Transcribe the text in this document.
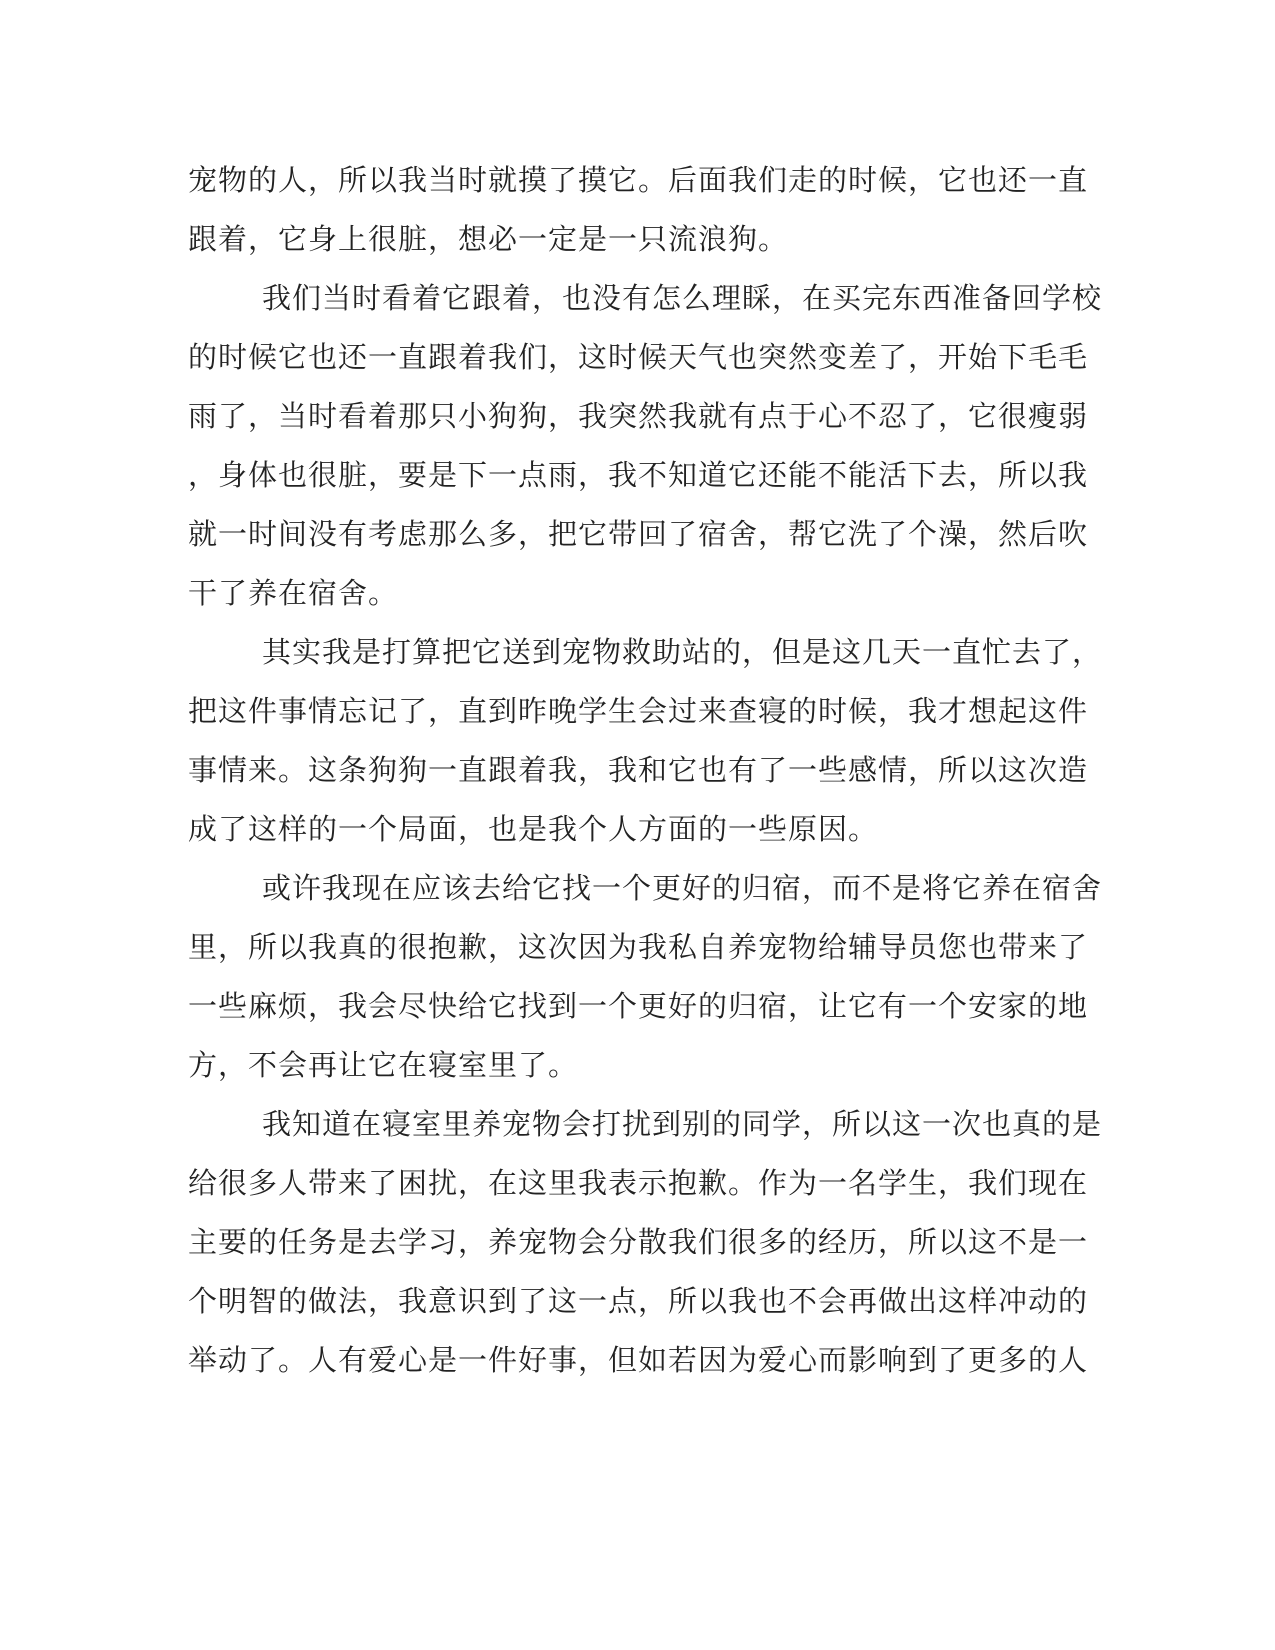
宠物的人，所以我当时就摸了摸它。后面我们走的时候，它也还一直
跟着，它身上很脏，想必一定是一只流浪狗。
我们当时看着它跟着，也没有怎么理睬，在买完东西准备回学校
的时候它也还一直跟着我们，这时候天气也突然变差了，开始下毛毛
雨了，当时看着那只小狗狗，我突然我就有点于心不忍了，它很瘦弱
，身体也很脏，要是下一点雨，我不知道它还能不能活下去，所以我
就一时间没有考虑那么多，把它带回了宿舍，帮它洗了个澡，然后吹
干了养在宿舍。
其实我是打算把它送到宠物救助站的，但是这几天一直忙去了，
把这件事情忘记了，直到昨晚学生会过来查寝的时候，我才想起这件
事情来。这条狗狗一直跟着我，我和它也有了一些感情，所以这次造
成了这样的一个局面，也是我个人方面的一些原因。
或许我现在应该去给它找一个更好的归宿，而不是将它养在宿舍
里，所以我真的很抱歉，这次因为我私自养宠物给辅导员您也带来了
一些麻烦，我会尽快给它找到一个更好的归宿，让它有一个安家的地
方，不会再让它在寝室里了。
我知道在寝室里养宠物会打扰到别的同学，所以这一次也真的是
给很多人带来了困扰，在这里我表示抱歉。作为一名学生，我们现在
主要的任务是去学习，养宠物会分散我们很多的经历，所以这不是一
个明智的做法，我意识到了这一点，所以我也不会再做出这样冲动的
举动了。人有爱心是一件好事，但如若因为爱心而影响到了更多的人
